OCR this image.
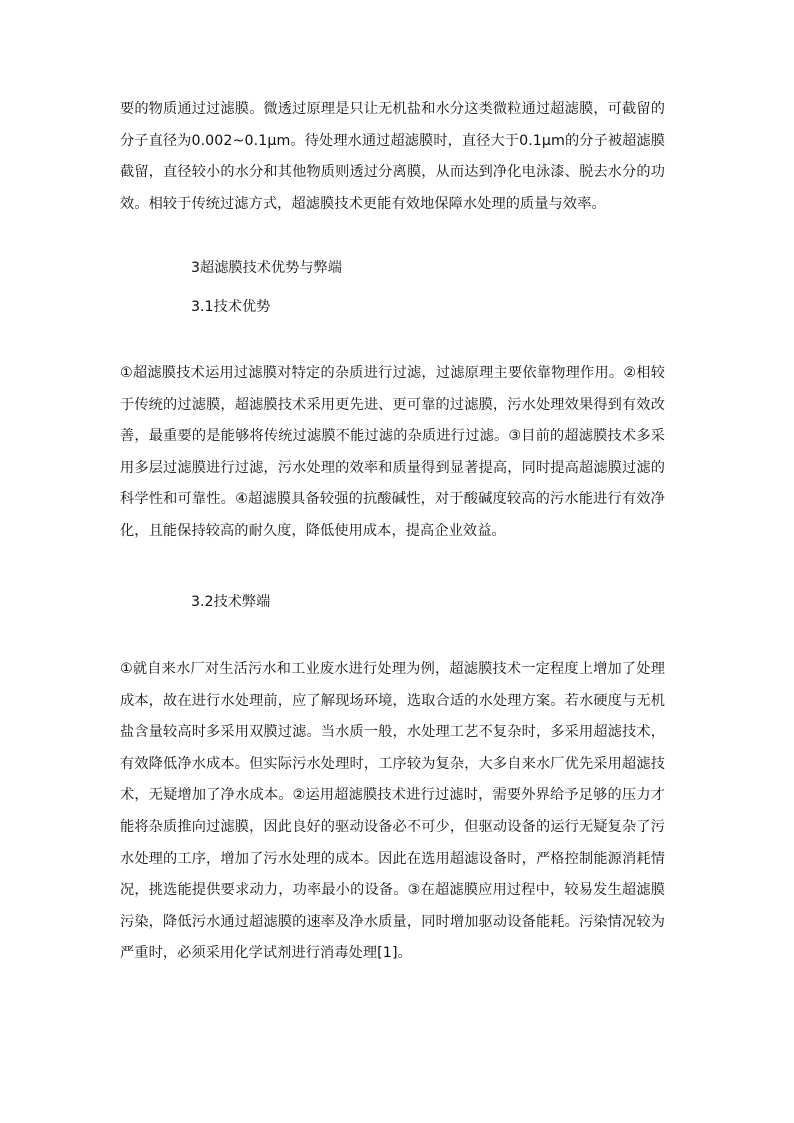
要的物质通过过滤膜。微透过原理是只让无机盐和水分这类微粒通过超滤膜，可截留的分子直径为0.002~0.1μm。待处理水通过超滤膜时，直径大于0.1μm的分子被超滤膜截留，直径较小的水分和其他物质则透过分离膜，从而达到净化电泳漆、脱去水分的功效。相较于传统过滤方式，超滤膜技术更能有效地保障水处理的质量与效率。

3超滤膜技术优势与弊端
3.1技术优势

①超滤膜技术运用过滤膜对特定的杂质进行过滤，过滤原理主要依靠物理作用。②相较于传统的过滤膜，超滤膜技术采用更先进、更可靠的过滤膜，污水处理效果得到有效改善，最重要的是能够将传统过滤膜不能过滤的杂质进行过滤。③目前的超滤膜技术多采用多层过滤膜进行过滤，污水处理的效率和质量得到显著提高，同时提高超滤膜过滤的科学性和可靠性。④超滤膜具备较强的抗酸碱性，对于酸碱度较高的污水能进行有效净化，且能保持较高的耐久度，降低使用成本，提高企业效益。

3.2技术弊端

①就自来水厂对生活污水和工业废水进行处理为例，超滤膜技术一定程度上增加了处理成本，故在进行水处理前，应了解现场环境，选取合适的水处理方案。若水硬度与无机盐含量较高时多采用双膜过滤。当水质一般，水处理工艺不复杂时，多采用超滤技术，有效降低净水成本。但实际污水处理时，工序较为复杂，大多自来水厂优先采用超滤技术，无疑增加了净水成本。②运用超滤膜技术进行过滤时，需要外界给予足够的压力才能将杂质推向过滤膜，因此良好的驱动设备必不可少，但驱动设备的运行无疑复杂了污水处理的工序，增加了污水处理的成本。因此在选用超滤设备时，严格控制能源消耗情况，挑选能提供要求动力，功率最小的设备。③在超滤膜应用过程中，较易发生超滤膜污染，降低污水通过超滤膜的速率及净水质量，同时增加驱动设备能耗。污染情况较为严重时，必须采用化学试剂进行消毒处理[1]。
